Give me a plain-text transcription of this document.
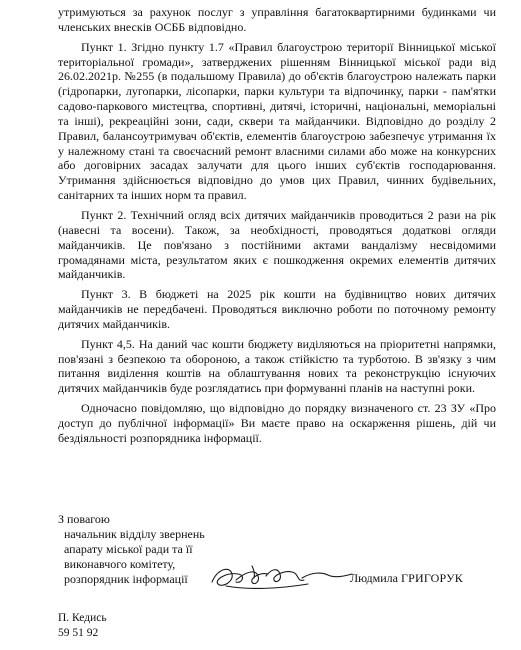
утримуються за рахунок послуг з управління багатоквартирними будинками чи членських внесків ОСББ відповідно.

Пункт 1. Згідно пункту 1.7 «Правил благоустрою території Вінницької міської територіальної громади», затверджених рішенням Вінницької міської ради від 26.02.2021р. №255 (в подальшому Правила) до об'єктів благоустрою належать парки (гідропарки, лугопарки, лісопарки, парки культури та відпочинку, парки - пам'ятки садово-паркового мистецтва, спортивні, дитячі, історичні, національні, меморіальні та інші), рекреаційні зони, сади, сквери та майданчики. Відповідно до розділу 2 Правил, балансоутримувач об'єктів, елементів благоустрою забезпечує утримання їх у належному стані та своєчасний ремонт власними силами або може на конкурсних або договірних засадах залучати для цього інших суб'єктів господарювання. Утримання здійснюється відповідно до умов цих Правил, чинних будівельних, санітарних та інших норм та правил.

Пункт 2. Технічний огляд всіх дитячих майданчиків проводиться 2 рази на рік (навесні та восени). Також, за необхідності, проводяться додаткові огляди майданчиків. Це пов'язано з постійними актами вандалізму несвідомими громадянами міста, результатом яких є пошкодження окремих елементів дитячих майданчиків.

Пункт 3. В бюджеті на 2025 рік кошти на будівництво нових дитячих майданчиків не передбачені. Проводяться виключно роботи по поточному ремонту дитячих майданчиків.

Пункт 4,5. На даний час кошти бюджету виділяються на пріоритетні напрямки, пов'язані з безпекою та обороною, а також стійкістю та турботою. В зв'язку з чим питання виділення коштів на облаштування нових та реконструкцію існуючих дитячих майданчиків буде розглядатись при формуванні планів на наступні роки.

Одночасно повідомляю, що відповідно до порядку визначеного ст. 23 ЗУ «Про доступ до публічної інформації» Ви маєте право на оскарження рішень, дій чи бездіяльності розпорядника інформації.

З повагою
начальник відділу звернень
апарату міської ради та її
виконавчого комітету,
розпорядник інформації	Людмила ГРИГОРУК
П. Кедись
59 51 92
